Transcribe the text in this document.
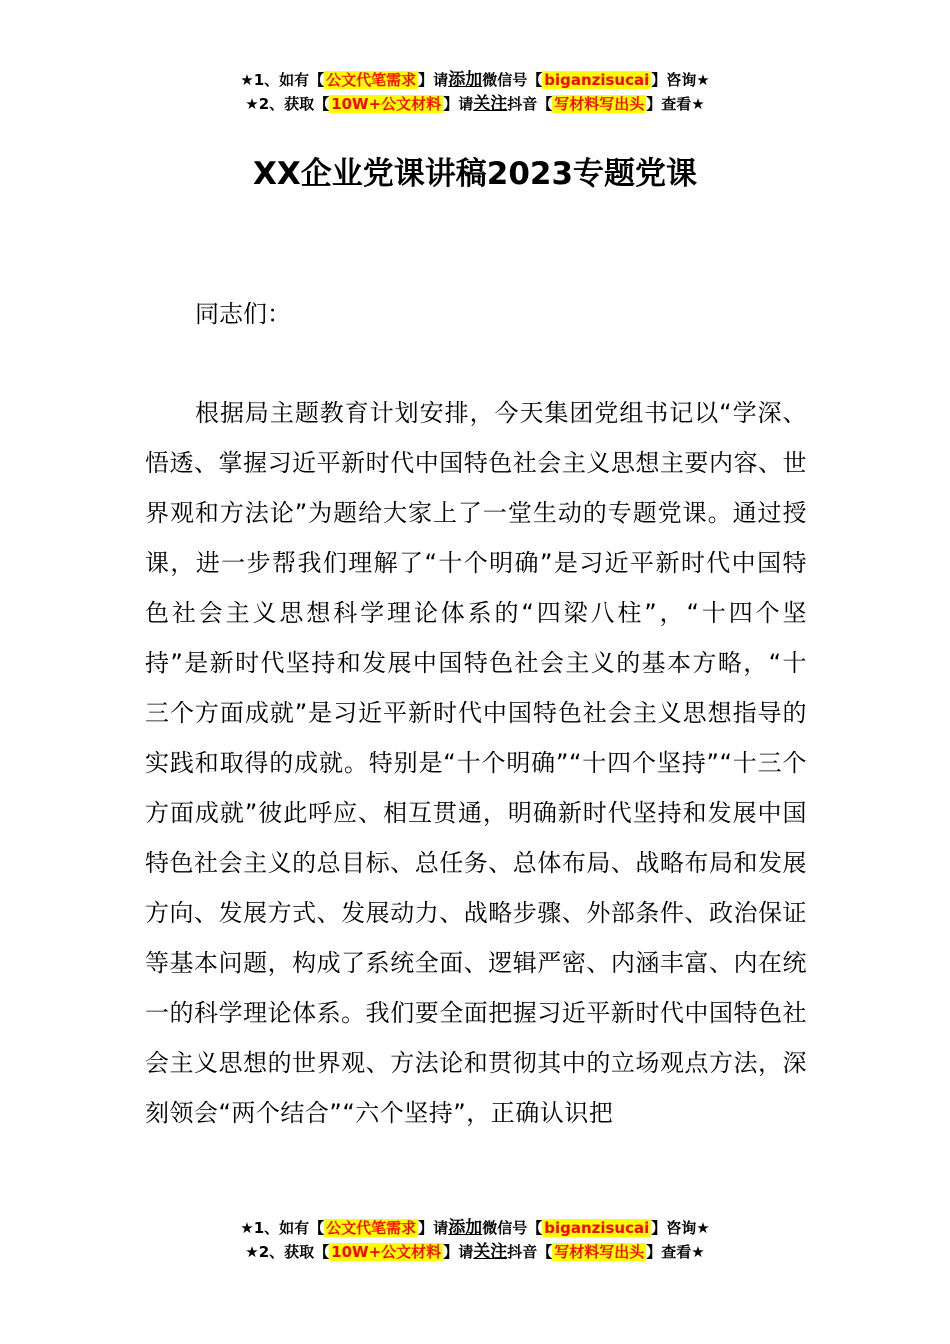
★1、如有【 公文代笔需求 】请添加微信号【 biganzisucai 】咨询★
★2、获取【 10W+公文材料 】请关注抖音【 写材料写出头 】查看★
XX企业党课讲稿2023专题党课
同志们：
根据局主题教育计划安排，今天集团党组书记以“学深、悟透、掌握习近平新时代中国特色社会主义思想主要内容、世界观和方法论”为题给大家上了一堂生动的专题党课。通过授课，进一步帮我们理解了“十个明确”是习近平新时代中国特色社会主义思想科学理论体系的“四梁八柱”，“十四个坚持”是新时代坚持和发展中国特色社会主义的基本方略，“十三个方面成就”是习近平新时代中国特色社会主义思想指导的实践和取得的成就。特别是“十个明确”“十四个坚持”“十三个方面成就”彼此呼应、相互贯通，明确新时代坚持和发展中国特色社会主义的总目标、总任务、总体布局、战略布局和发展方向、发展方式、发展动力、战略步骤、外部条件、政治保证等基本问题，构成了系统全面、逻辑严密、内涵丰富、内在统一的科学理论体系。我们要全面把握习近平新时代中国特色社会主义思想的世界观、方法论和贯彻其中的立场观点方法，深刻领会“两个结合”“六个坚持”，正确认识把
★1、如有【 公文代笔需求 】请添加微信号【 biganzisucai 】咨询★
★2、获取【 10W+公文材料 】请关注抖音【 写材料写出头 】查看★
